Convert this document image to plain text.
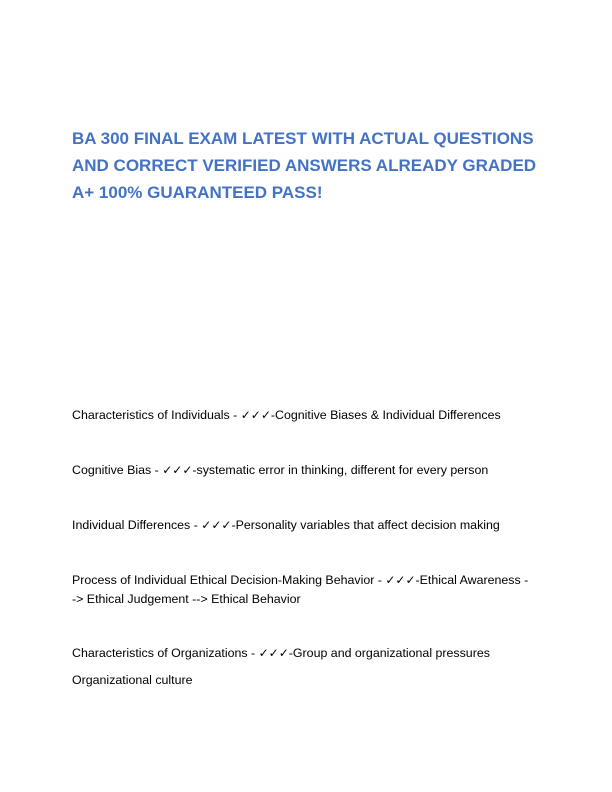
BA 300 FINAL EXAM LATEST WITH ACTUAL QUESTIONS
AND CORRECT VERIFIED ANSWERS ALREADY GRADED
A+ 100% GUARANTEED PASS!

Characteristics of Individuals - ✓✓✓-Cognitive Biases & Individual Differences

Cognitive Bias - ✓✓✓-systematic error in thinking, different for every person

Individual Differences - ✓✓✓-Personality variables that affect decision making

Process of Individual Ethical Decision-Making Behavior - ✓✓✓-Ethical Awareness -
-> Ethical Judgement --> Ethical Behavior

Characteristics of Organizations - ✓✓✓-Group and organizational pressures

Organizational culture
